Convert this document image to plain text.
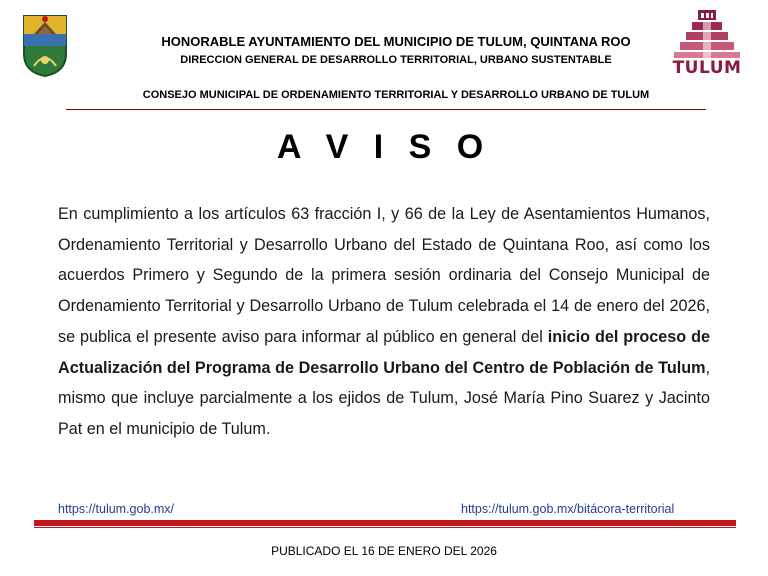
HONORABLE AYUNTAMIENTO DEL MUNICIPIO DE TULUM, QUINTANA ROO
DIRECCION GENERAL DE DESARROLLO TERRITORIAL, URBANO SUSTENTABLE	TULUM
CONSEJO MUNICIPAL DE ORDENAMIENTO TERRITORIAL Y DESARROLLO URBANO DE TULUM
A V I S O
En cumplimiento a los artículos 63 fracción I, y 66 de la Ley de Asentamientos Humanos, Ordenamiento Territorial y Desarrollo Urbano del Estado de Quintana Roo, así como los acuerdos Primero y Segundo de la primera sesión ordinaria del Consejo Municipal de Ordenamiento Territorial y Desarrollo Urbano de Tulum celebrada el 14 de enero del 2026, se publica el presente aviso para informar al público en general del inicio del proceso de Actualización del Programa de Desarrollo Urbano del Centro de Población de Tulum, mismo que incluye parcialmente a los ejidos de Tulum, José María Pino Suarez y Jacinto Pat en el municipio de Tulum.
https://tulum.gob.mx/	https://tulum.gob.mx/bitácora-territorial
PUBLICADO EL 16 DE ENERO DEL 2026
